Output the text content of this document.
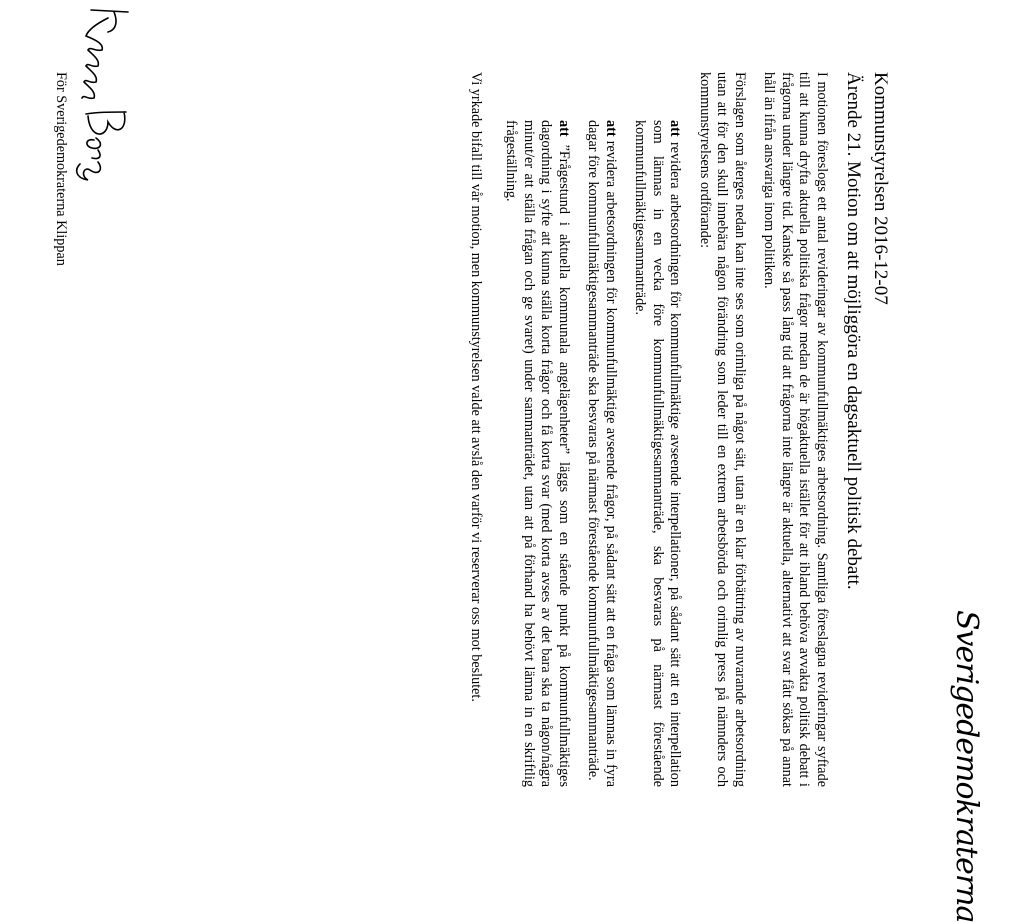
Sverigedemokraterna

Kommunstyrelsen 2016-12-07

Ärende 21. Motion om att möjliggöra en dagsaktuell politisk debatt.

I motionen föreslogs ett antal revideringar av kommunfullmäktiges arbetsordning. Samtliga föreslagna revideringar syftade till att kunna dryfta aktuella politiska frågor medan de är högaktuella istället för att ibland behöva avvakta politisk debatt i frågorna under längre tid. Kanske så pass lång tid att frågorna inte längre är aktuella, alternativt att svar fått sökas på annat håll än ifrån ansvariga inom politiken.

Förslagen som återges nedan kan inte ses som orimliga på något sätt, utan är en klar förbättring av nuvarande arbetsordning utan att för den skull innebära någon förändring som leder till en extrem arbetsbörda och orimlig press på nämnders och kommunstyrelsens ordförande:

att revidera arbetsordningen för kommunfullmäktige avseende interpellationer, på sådant sätt att en interpellation som lämnas in en vecka före kommunfullmäktigesammanträde, ska besvaras på närmast förestående kommunfullmäktigesammanträde.

att revidera arbetsordningen för kommunfullmäktige avseende frågor, på sådant sätt att en fråga som lämnas in fyra dagar före kommunfullmäktigesammanträde ska besvaras på närmast förestående kommunfullmäktigesammanträde.

att ”Frågestund i aktuella kommunala angelägenheter” läggs som en stående punkt på kommunfullmäktiges dagordning i syfte att kunna ställa korta frågor och få korta svar (med korta avses av det bara ska ta någon/några minut/er att ställa frågan och ge svaret) under sammanträdet, utan att på förhand ha behövt lämna in en skriftlig frågeställning.

Vi yrkade bifall till vår motion, men kommunstyrelsen valde att avslå den varför vi reserverar oss mot beslutet.

För Sverigedemokraterna Klippan
